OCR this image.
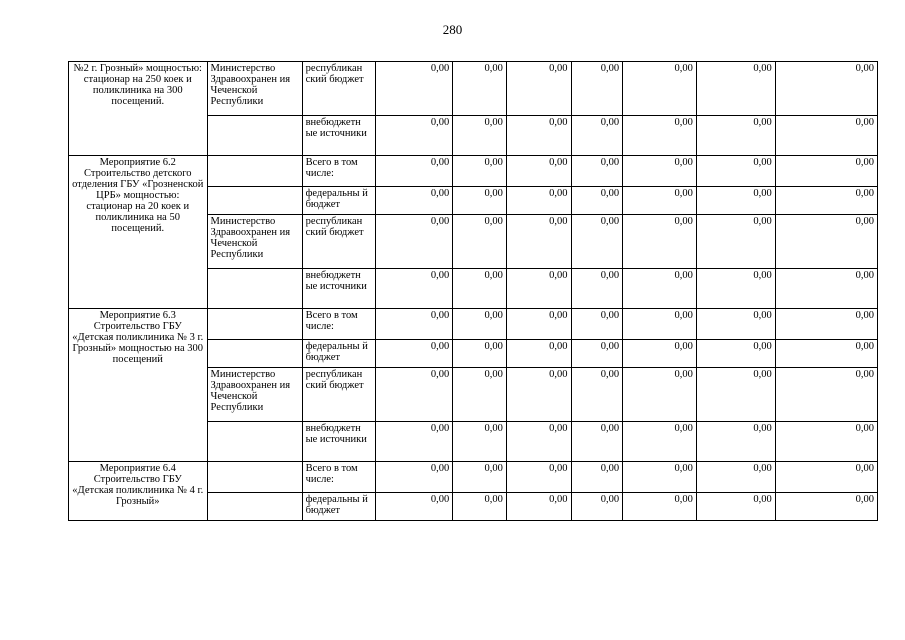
280
№2 г. Грозный» мощностью: стационар на 250 коек и поликлиника на 300 посещений.	Министерство Здравоохранен ия Чеченской Республики	республикан ский бюджет	0,00	0,00	0,00	0,00	0,00	0,00	0,00
		внебюджетн ые источники	0,00	0,00	0,00	0,00	0,00	0,00	0,00
Мероприятие 6.2 Строительство детского отделения ГБУ «Грозненской ЦРБ» мощностью: стационар на 20 коек и поликлиника на 50 посещений.		Всего в том числе:	0,00	0,00	0,00	0,00	0,00	0,00	0,00
		федеральны й бюджет	0,00	0,00	0,00	0,00	0,00	0,00	0,00
	Министерство Здравоохранен ия Чеченской Республики	республикан ский бюджет	0,00	0,00	0,00	0,00	0,00	0,00	0,00
		внебюджетн ые источники	0,00	0,00	0,00	0,00	0,00	0,00	0,00
Мероприятие 6.3 Строительство ГБУ «Детская поликлиника № 3 г. Грозный» мощностью на 300 посещений		Всего в том числе:	0,00	0,00	0,00	0,00	0,00	0,00	0,00
		федеральны й бюджет	0,00	0,00	0,00	0,00	0,00	0,00	0,00
	Министерство Здравоохранен ия Чеченской Республики	республикан ский бюджет	0,00	0,00	0,00	0,00	0,00	0,00	0,00
		внебюджетн ые источники	0,00	0,00	0,00	0,00	0,00	0,00	0,00
Мероприятие 6.4 Строительство ГБУ «Детская поликлиника № 4 г. Грозный»		Всего в том числе:	0,00	0,00	0,00	0,00	0,00	0,00	0,00
		федеральны й бюджет	0,00	0,00	0,00	0,00	0,00	0,00	0,00
